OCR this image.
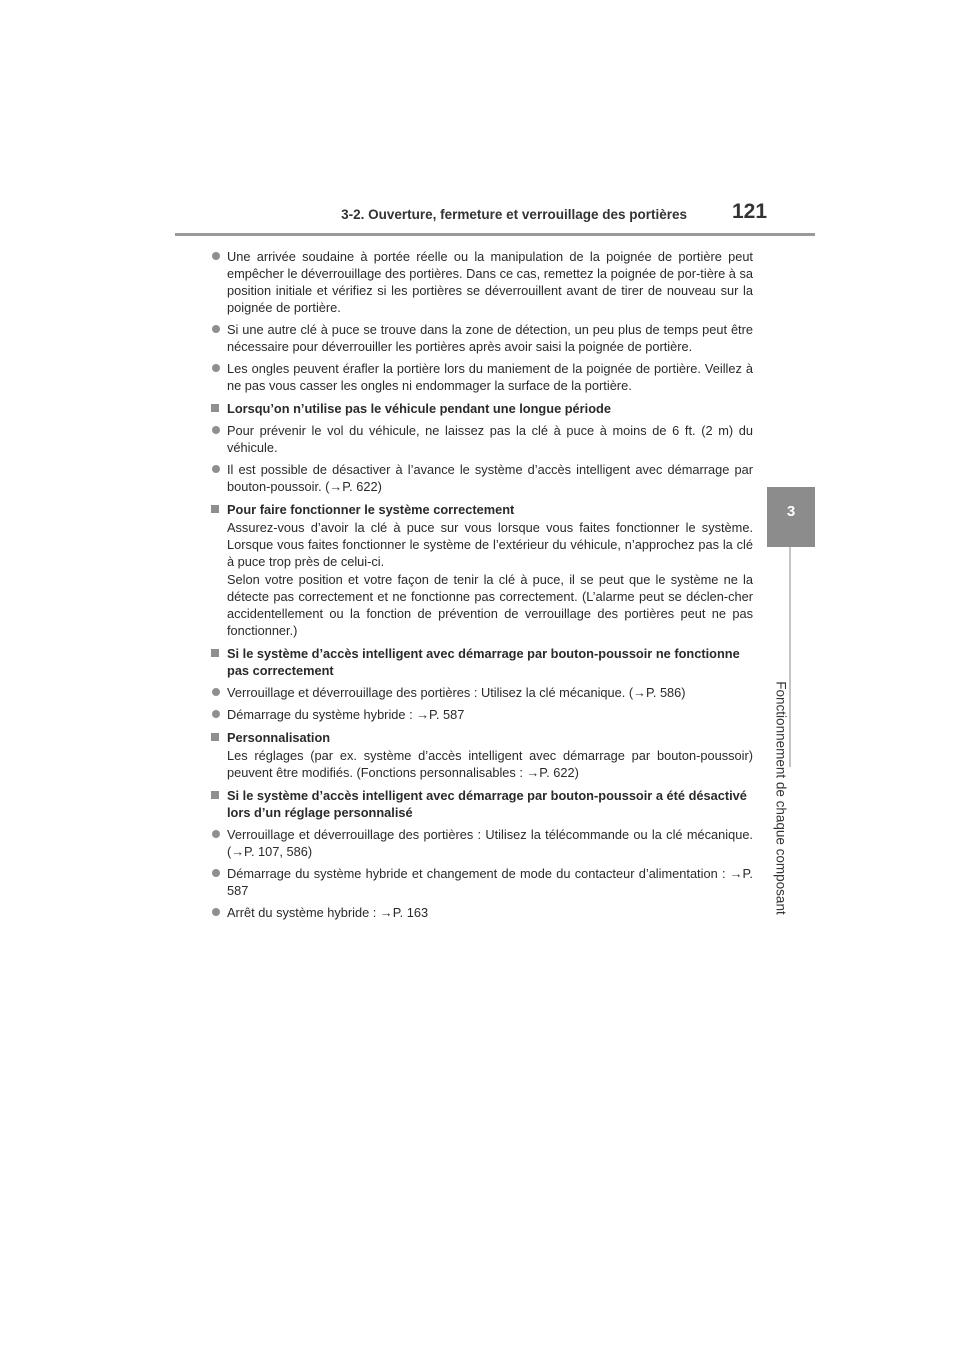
3-2. Ouverture, fermeture et verrouillage des portières 121
3
Fonctionnement de chaque composant

Une arrivée soudaine à portée réelle ou la manipulation de la poignée de portière peut empêcher le déverrouillage des portières. Dans ce cas, remettez la poignée de por-tière à sa position initiale et vérifiez si les portières se déverrouillent avant de tirer de nouveau sur la poignée de portière.

Si une autre clé à puce se trouve dans la zone de détection, un peu plus de temps peut être nécessaire pour déverrouiller les portières après avoir saisi la poignée de portière.

Les ongles peuvent érafler la portière lors du maniement de la poignée de portière. Veillez à ne pas vous casser les ongles ni endommager la surface de la portière.

Lorsqu’on n’utilise pas le véhicule pendant une longue période

Pour prévenir le vol du véhicule, ne laissez pas la clé à puce à moins de 6 ft. (2 m) du véhicule.

Il est possible de désactiver à l’avance le système d’accès intelligent avec démarrage par bouton-poussoir. (→P. 622)

Pour faire fonctionner le système correctement

Assurez-vous d’avoir la clé à puce sur vous lorsque vous faites fonctionner le système. Lorsque vous faites fonctionner le système de l’extérieur du véhicule, n’approchez pas la clé à puce trop près de celui-ci.

Selon votre position et votre façon de tenir la clé à puce, il se peut que le système ne la détecte pas correctement et ne fonctionne pas correctement. (L’alarme peut se déclen-cher accidentellement ou la fonction de prévention de verrouillage des portières peut ne pas fonctionner.)

Si le système d’accès intelligent avec démarrage par bouton-poussoir ne fonctionne pas correctement

Verrouillage et déverrouillage des portières : Utilisez la clé mécanique. (→P. 586)

Démarrage du système hybride : →P. 587

Personnalisation

Les réglages (par ex. système d’accès intelligent avec démarrage par bouton-poussoir) peuvent être modifiés. (Fonctions personnalisables : →P. 622)

Si le système d’accès intelligent avec démarrage par bouton-poussoir a été désactivé lors d’un réglage personnalisé

Verrouillage et déverrouillage des portières : Utilisez la télécommande ou la clé mécanique. (→P. 107, 586)

Démarrage du système hybride et changement de mode du contacteur d’alimentation : →P. 587

Arrêt du système hybride : →P. 163
